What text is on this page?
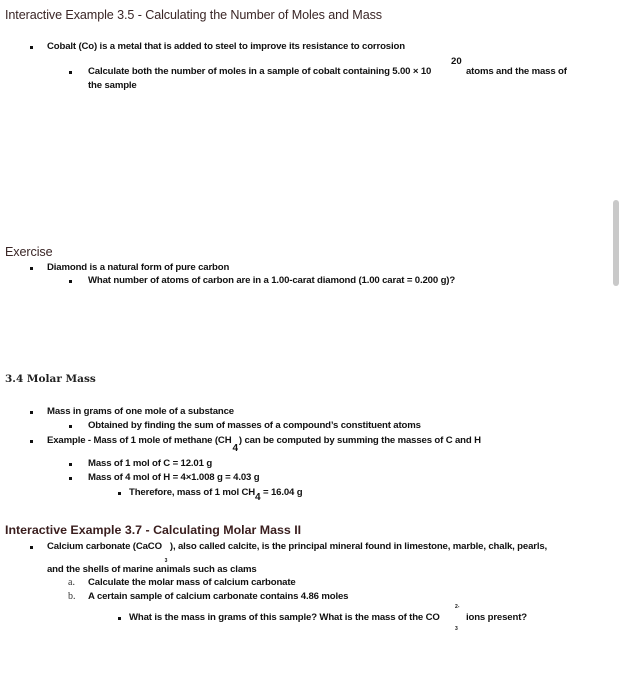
Interactive Example 3.5 - Calculating the Number of Moles and Mass
Cobalt (Co) is a metal that is added to steel to improve its resistance to corrosion
20
Calculate both the number of moles in a sample of cobalt containing 5.00 × 10	atoms and the mass of
the sample
Exercise
Diamond is a natural form of pure carbon
What number of atoms of carbon are in a 1.00-carat diamond (1.00 carat = 0.200 g)?
3.4 Molar Mass
Mass in grams of one mole of a substance
Obtained by finding the sum of masses of a compound’s constituent atoms
Example - Mass of 1 mole of methane (CH4) can be computed by summing the masses of C and H
Mass of 1 mol of C = 12.01 g
Mass of 4 mol of H = 4×1.008 g = 4.03 g
Therefore, mass of 1 mol CH4 = 16.04 g
Interactive Example 3.7 - Calculating Molar Mass II
Calcium carbonate (CaCO3), also called calcite, is the principal mineral found in limestone, marble, chalk, pearls,
and the shells of marine animals such as clams
a. Calculate the molar mass of calcium carbonate
b. A certain sample of calcium carbonate contains 4.86 moles
2-
3
What is the mass in grams of this sample? What is the mass of the CO	ions present?
